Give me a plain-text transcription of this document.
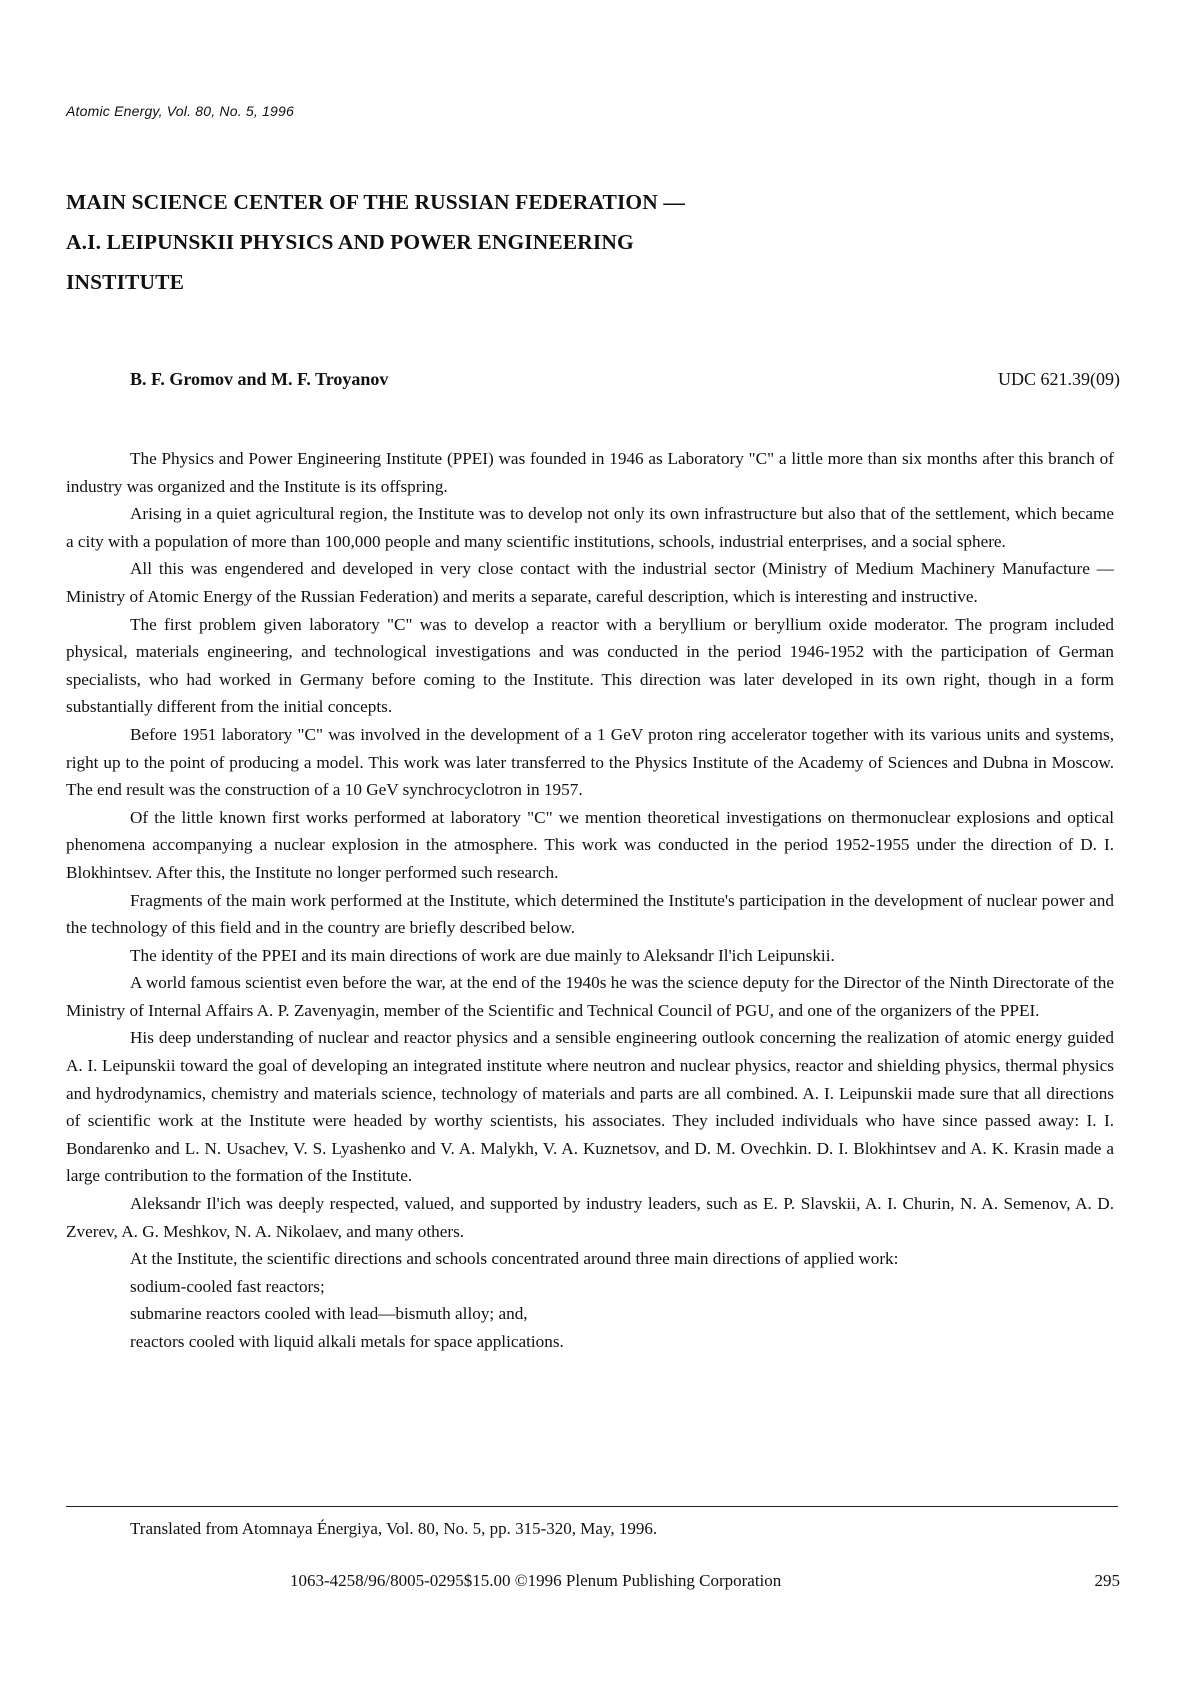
Atomic Energy, Vol. 80, No. 5, 1996
MAIN SCIENCE CENTER OF THE RUSSIAN FEDERATION —
A.I. LEIPUNSKII PHYSICS AND POWER ENGINEERING
INSTITUTE
B. F. Gromov and M. F. Troyanov	UDC 621.39(09)

The Physics and Power Engineering Institute (PPEI) was founded in 1946 as Laboratory "C" a little more than six months after this branch of industry was organized and the Institute is its offspring.

Arising in a quiet agricultural region, the Institute was to develop not only its own infrastructure but also that of the settlement, which became a city with a population of more than 100,000 people and many scientific institutions, schools, industrial enterprises, and a social sphere.

All this was engendered and developed in very close contact with the industrial sector (Ministry of Medium Machinery Manufacture — Ministry of Atomic Energy of the Russian Federation) and merits a separate, careful description, which is interesting and instructive.

The first problem given laboratory "C" was to develop a reactor with a beryllium or beryllium oxide moderator. The program included physical, materials engineering, and technological investigations and was conducted in the period 1946-1952 with the participation of German specialists, who had worked in Germany before coming to the Institute. This direction was later developed in its own right, though in a form substantially different from the initial concepts.

Before 1951 laboratory "C" was involved in the development of a 1 GeV proton ring accelerator together with its various units and systems, right up to the point of producing a model. This work was later transferred to the Physics Institute of the Academy of Sciences and Dubna in Moscow. The end result was the construction of a 10 GeV synchrocyclotron in 1957.

Of the little known first works performed at laboratory "C" we mention theoretical investigations on thermonuclear explosions and optical phenomena accompanying a nuclear explosion in the atmosphere. This work was conducted in the period 1952-1955 under the direction of D. I. Blokhintsev. After this, the Institute no longer performed such research.

Fragments of the main work performed at the Institute, which determined the Institute's participation in the development of nuclear power and the technology of this field and in the country are briefly described below.

The identity of the PPEI and its main directions of work are due mainly to Aleksandr Il'ich Leipunskii.

A world famous scientist even before the war, at the end of the 1940s he was the science deputy for the Director of the Ninth Directorate of the Ministry of Internal Affairs A. P. Zavenyagin, member of the Scientific and Technical Council of PGU, and one of the organizers of the PPEI.

His deep understanding of nuclear and reactor physics and a sensible engineering outlook concerning the realization of atomic energy guided A. I. Leipunskii toward the goal of developing an integrated institute where neutron and nuclear physics, reactor and shielding physics, thermal physics and hydrodynamics, chemistry and materials science, technology of materials and parts are all combined. A. I. Leipunskii made sure that all directions of scientific work at the Institute were headed by worthy scientists, his associates. They included individuals who have since passed away: I. I. Bondarenko and L. N. Usachev, V. S. Lyashenko and V. A. Malykh, V. A. Kuznetsov, and D. M. Ovechkin. D. I. Blokhintsev and A. K. Krasin made a large contribution to the formation of the Institute.

Aleksandr Il'ich was deeply respected, valued, and supported by industry leaders, such as E. P. Slavskii, A. I. Churin, N. A. Semenov, A. D. Zverev, A. G. Meshkov, N. A. Nikolaev, and many others.

At the Institute, the scientific directions and schools concentrated around three main directions of applied work:

sodium-cooled fast reactors;

submarine reactors cooled with lead—bismuth alloy; and,

reactors cooled with liquid alkali metals for space applications.

Translated from Atomnaya Énergiya, Vol. 80, No. 5, pp. 315-320, May, 1996.
1063-4258/96/8005-0295$15.00 ©1996 Plenum Publishing Corporation	295
